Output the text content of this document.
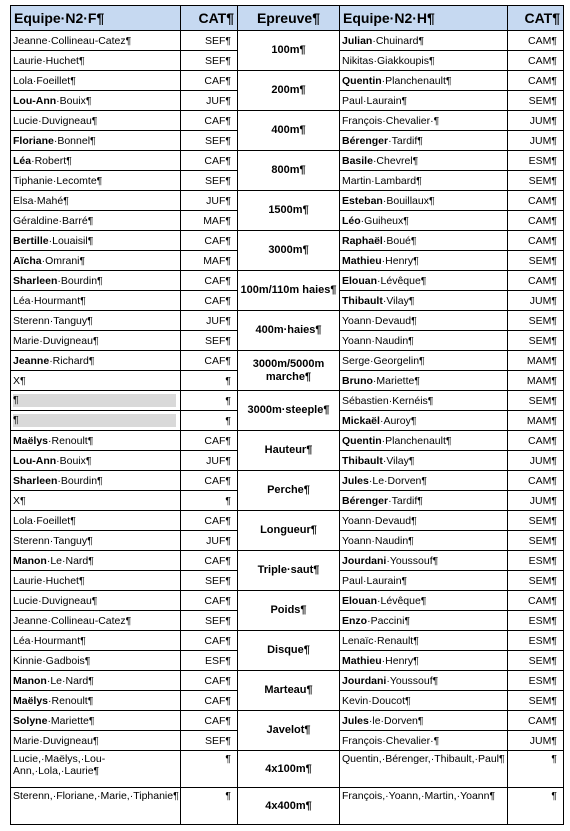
Equipe·N2·F¶	CAT¶	Epreuve¶	Equipe·N2·H¶	CAT¶
Jeanne·Collineau-Catez¶	SEF¶	100m¶	Julian·Chuinard¶	CAM¶
Laurie·Huchet¶	SEF¶		Nikitas·Giakkoupis¶	CAM¶
Lola·Foeillet¶	CAF¶	200m¶	Quentin·Planchenault¶	CAM¶
Lou-Ann·Bouix¶	JUF¶		Paul·Laurain¶	SEM¶
Lucie·Duvigneau¶	CAF¶	400m¶	François·Chevalier·¶	JUM¶
Floriane·Bonnel¶	SEF¶		Bérenger·Tardif¶	JUM¶
Léa·Robert¶	CAF¶	800m¶	Basile·Chevrel¶	ESM¶
Tiphanie·Lecomte¶	SEF¶		Martin·Lambard¶	SEM¶
Elsa·Mahé¶	JUF¶	1500m¶	Esteban·Bouillaux¶	CAM¶
Géraldine·Barré¶	MAF¶		Léo·Guiheux¶	CAM¶
Bertille·Louaisil¶	CAF¶	3000m¶	Raphaël·Boué¶	CAM¶
Aïcha·Omrani¶	MAF¶		Mathieu·Henry¶	SEM¶
Sharleen·Bourdin¶	CAF¶	100m/110m haies¶	Elouan·Lévêque¶	CAM¶
Léa·Hourmant¶	CAF¶		Thibault·Vilay¶	JUM¶
Sterenn·Tanguy¶	JUF¶	400m·haies¶	Yoann·Devaud¶	SEM¶
Marie·Duvigneau¶	SEF¶		Yoann·Naudin¶	SEM¶
Jeanne·Richard¶	CAF¶	3000m/5000m marche¶	Serge·Georgelin¶	MAM¶
X¶	¶		Bruno·Mariette¶	MAM¶

¶	¶	3000m·steeple¶	Sébastien·Kernéis¶	SEM¶

¶	¶		Mickaël·Auroy¶	MAM¶
Maëlys·Renoult¶	CAF¶	Hauteur¶	Quentin·Planchenault¶	CAM¶
Lou-Ann·Bouix¶	JUF¶		Thibault·Vilay¶	JUM¶
Sharleen·Bourdin¶	CAF¶	Perche¶	Jules·Le·Dorven¶	CAM¶
X¶	¶		Bérenger·Tardif¶	JUM¶
Lola·Foeillet¶	CAF¶	Longueur¶	Yoann·Devaud¶	SEM¶
Sterenn·Tanguy¶	JUF¶		Yoann·Naudin¶	SEM¶
Manon·Le·Nard¶	CAF¶	Triple·saut¶	Jourdani·Youssouf¶	ESM¶
Laurie·Huchet¶	SEF¶		Paul·Laurain¶	SEM¶
Lucie·Duvigneau¶	CAF¶	Poids¶	Elouan·Lévêque¶	CAM¶
Jeanne·Collineau-Catez¶	SEF¶		Enzo·Paccini¶	ESM¶
Léa·Hourmant¶	CAF¶	Disque¶	Lenaïc·Renault¶	ESM¶
Kinnie·Gadbois¶	ESF¶		Mathieu·Henry¶	SEM¶
Manon·Le·Nard¶	CAF¶	Marteau¶	Jourdani·Youssouf¶	ESM¶
Maëlys·Renoult¶	CAF¶		Kevin·Doucot¶	SEM¶
Solyne·Mariette¶	CAF¶	Javelot¶	Jules·le·Dorven¶	CAM¶
Marie·Duvigneau¶	SEF¶		François·Chevalier·¶	JUM¶
Lucie,·Maëlys,·Lou-Ann,·Lola,·Laurie¶	¶	4x100m¶	Quentin,·Bérenger,·Thibault,·Paul¶	¶
Sterenn,·Floriane,·Marie,·Tiphanie¶	¶	4x400m¶	François,·Yoann,·Martin,·Yoann¶	¶
